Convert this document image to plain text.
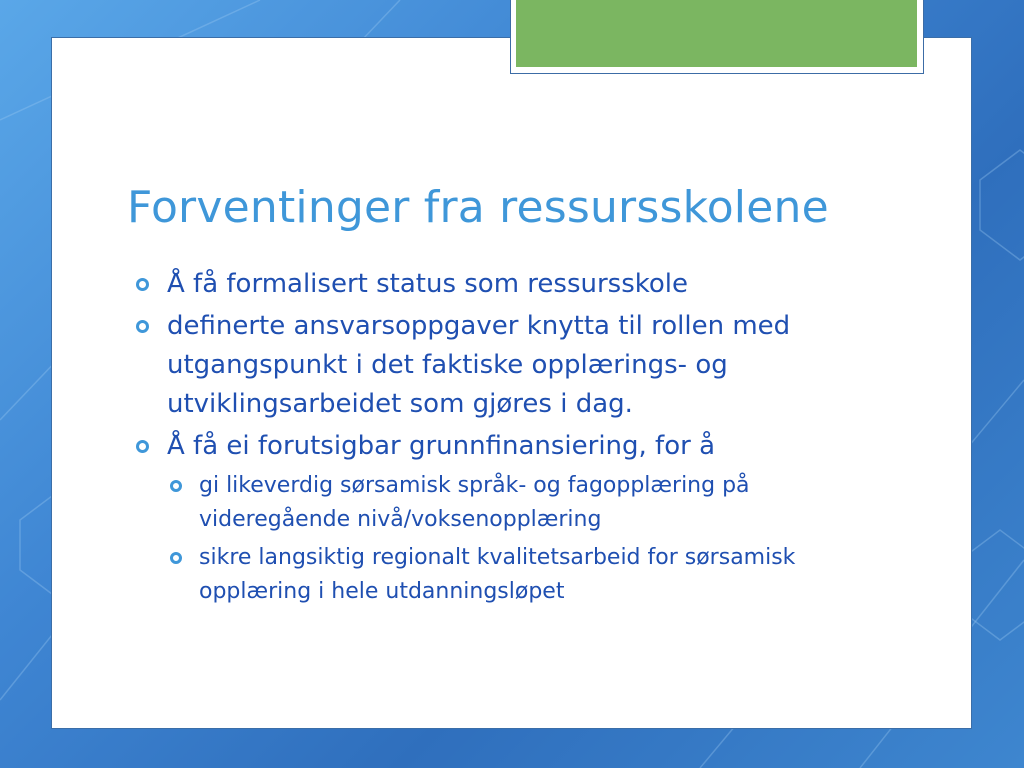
Forventinger fra ressursskolene
Å få formalisert status som ressursskole
definerte ansvarsoppgaver knytta til rollen med utgangspunkt i det faktiske opplærings- og utviklingsarbeidet som gjøres i dag.
Å få ei forutsigbar grunnfinansiering, for å
gi likeverdig sørsamisk språk- og fagopplæring på videregående nivå/voksenopplæring
sikre langsiktig regionalt kvalitetsarbeid for sørsamisk opplæring i hele utdanningsløpet
